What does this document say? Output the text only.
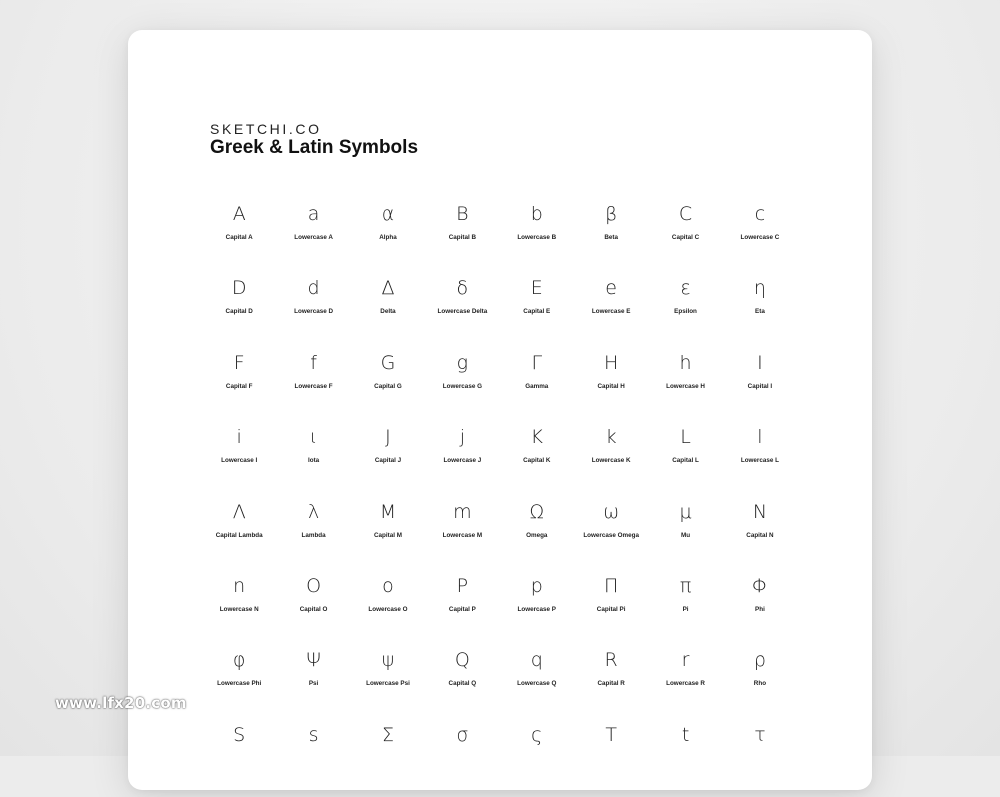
SKETCHI.CO
Greek & Latin Symbols
A
Capital A
a
Lowercase A
α
Alpha
B
Capital B
b
Lowercase B
β
Beta
C
Capital C
c
Lowercase C
D
Capital D
d
Lowercase D
Δ
Delta
δ
Lowercase Delta
E
Capital E
e
Lowercase E
ε
Epsilon
η
Eta
F
Capital F
f
Lowercase F
G
Capital G
g
Lowercase G
Γ
Gamma
H
Capital H
h
Lowercase H
I
Capital I
i
Lowercase I
ι
Iota
J
Capital J
j
Lowercase J
K
Capital K
k
Lowercase K
L
Capital L
l
Lowercase L
Λ
Capital Lambda
λ
Lambda
M
Capital M
m
Lowercase M
Ω
Omega
ω
Lowercase Omega
μ
Mu
N
Capital N
n
Lowercase N
O
Capital O
o
Lowercase O
P
Capital P
p
Lowercase P
Π
Capital Pi
π
Pi
Φ
Phi
φ
Lowercase Phi
Ψ
Psi
ψ
Lowercase Psi
Q
Capital Q
q
Lowercase Q
R
Capital R
r
Lowercase R
ρ
Rho
S	s	Σ	σ	ς	T	t	τ
www.lfx20.com
